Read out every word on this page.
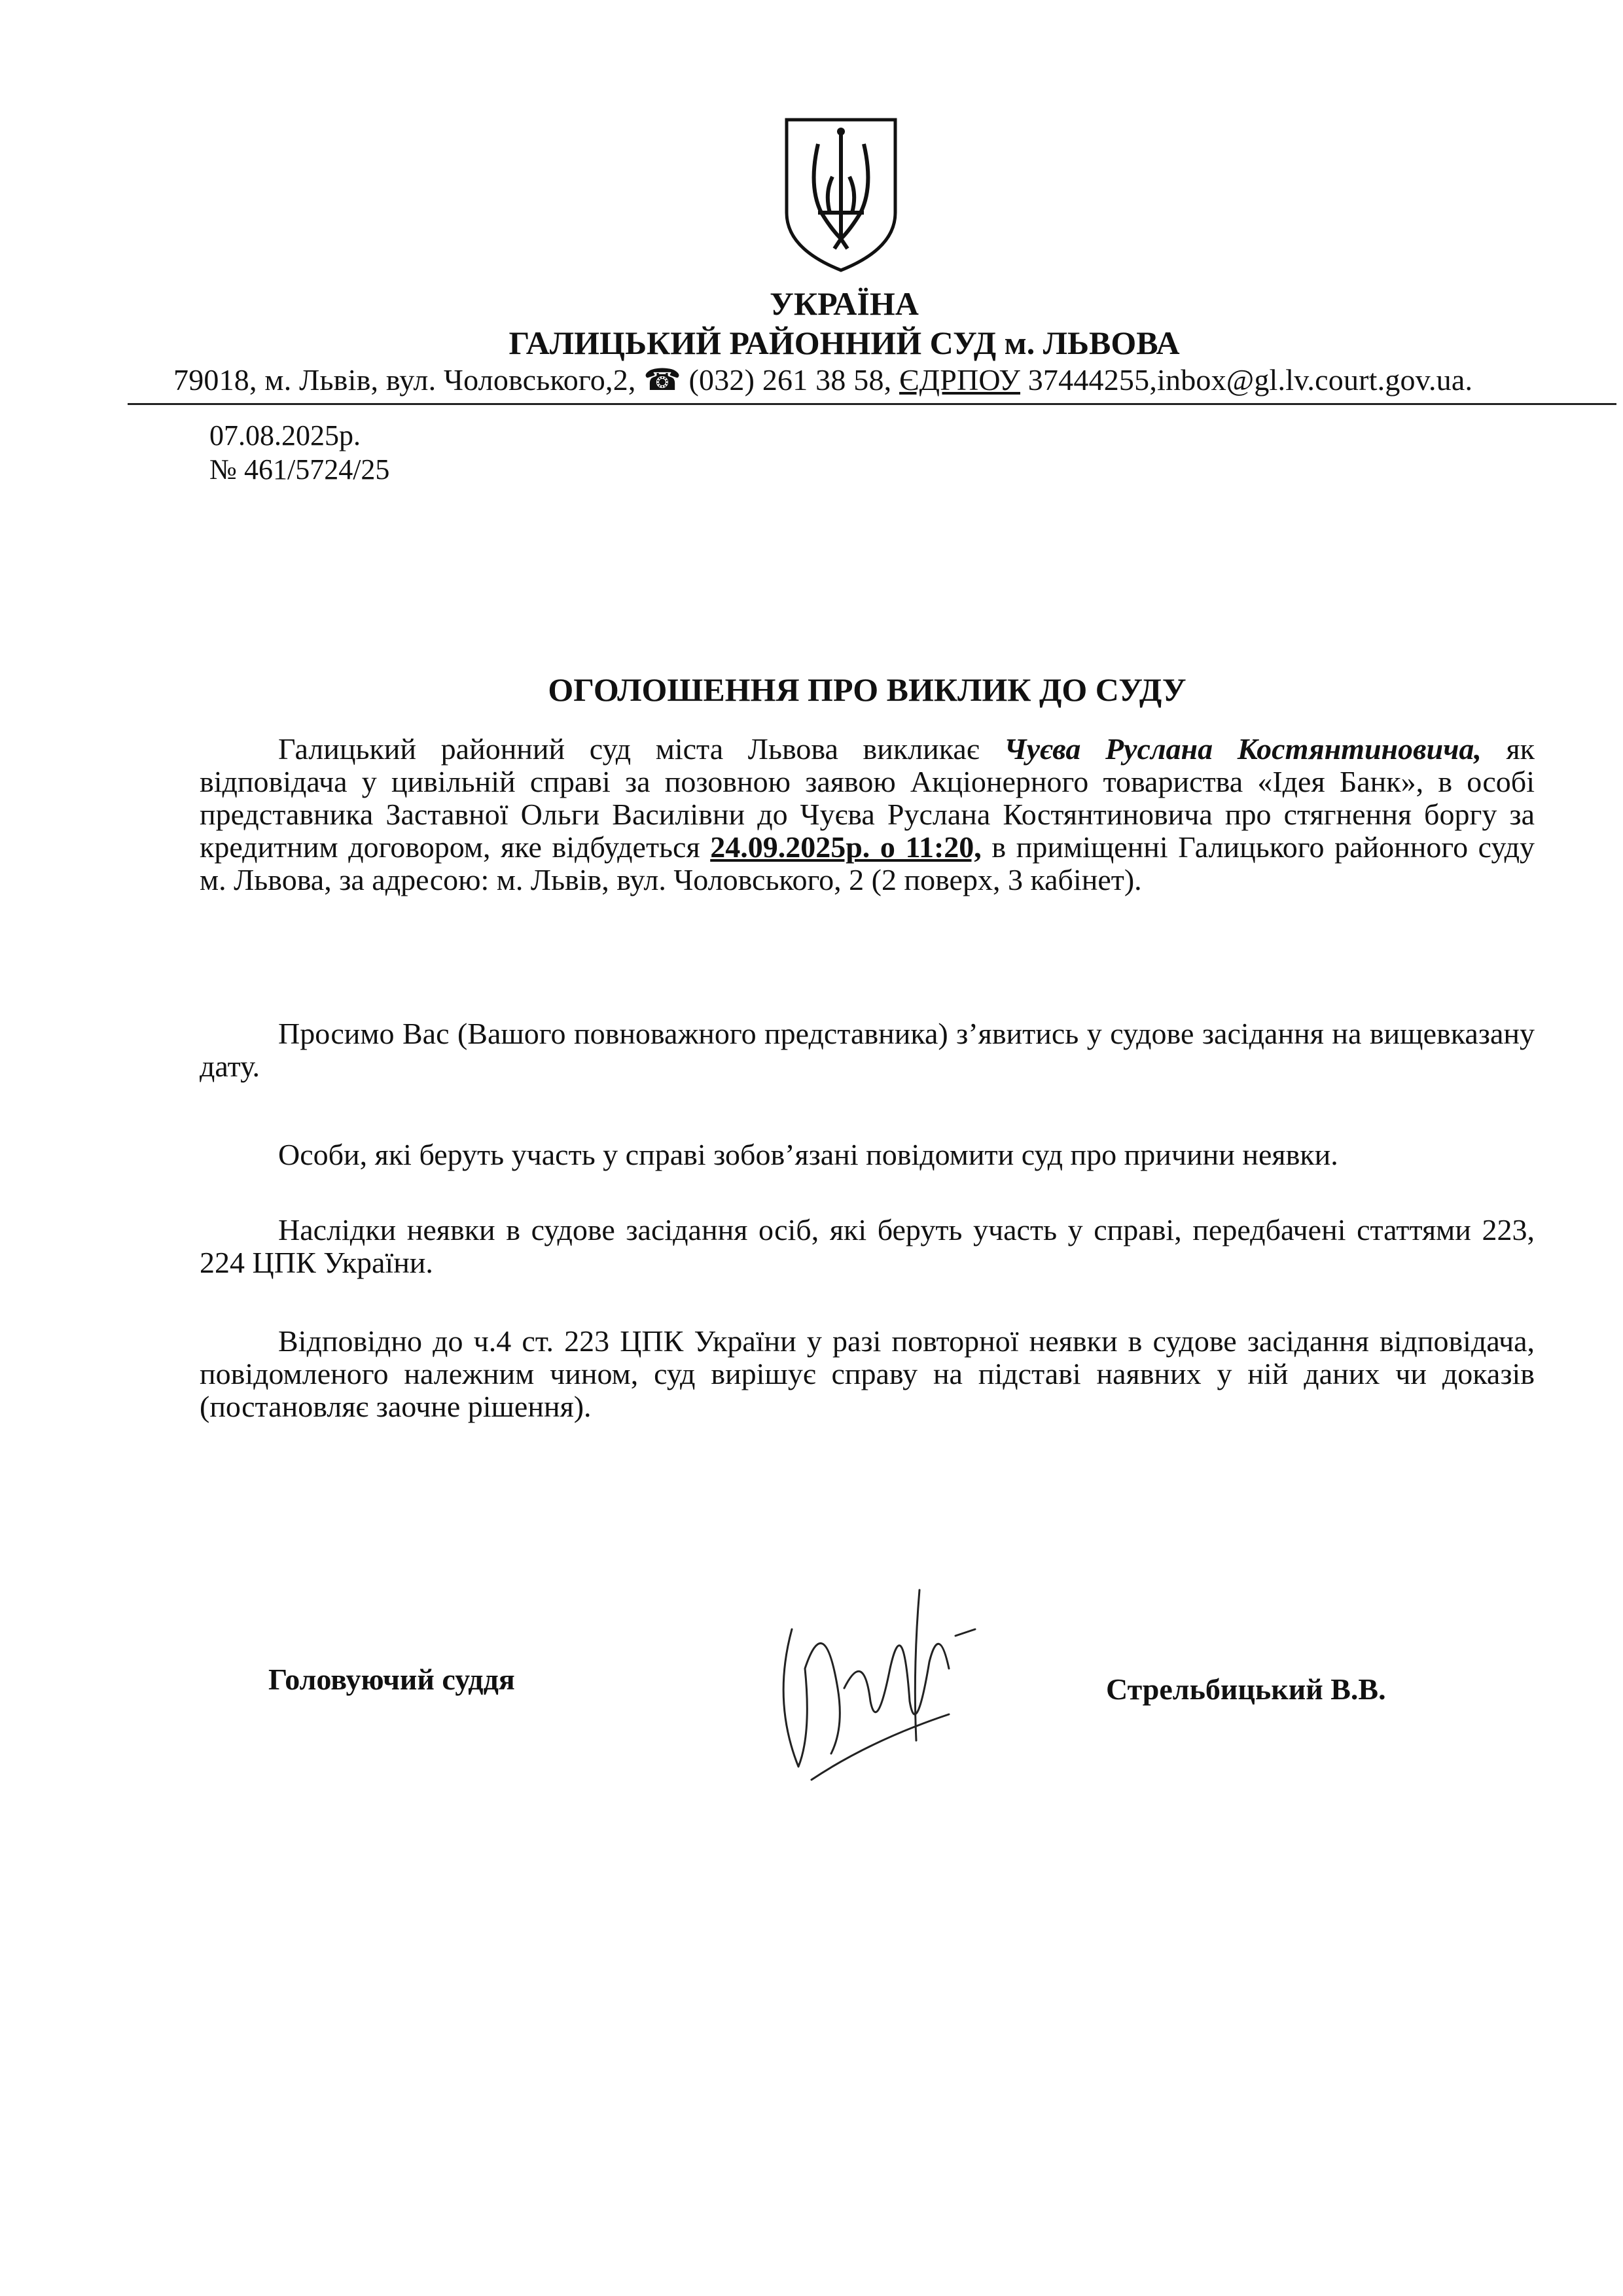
УКРАЇНА
ГАЛИЦЬКИЙ РАЙОННИЙ СУД м. ЛЬВОВА
79018, м. Львів, вул. Чоловського,2, ☎ (032) 261 38 58, ЄДРПОУ 37444255,inbox@gl.lv.court.gov.ua.
07.08.2025р.
№ 461/5724/25
ОГОЛОШЕННЯ ПРО ВИКЛИК ДО СУДУ
Галицький районний суд міста Львова викликає Чуєва Руслана Костянтиновича, як відповідача у цивільній справі за позовною заявою Акціонерного товариства «Ідея Банк», в особі представника Заставної Ольги Василівни до Чуєва Руслана Костянтиновича про стягнення боргу за кредитним договором, яке відбудеться 24.09.2025р. о 11:20, в приміщенні Галицького районного суду м. Львова, за адресою: м. Львів, вул. Чоловського, 2 (2 поверх, 3 кабінет).
Просимо Вас (Вашого повноважного представника) з’явитись у судове засідання на вищевказану дату.
Особи, які беруть участь у справі зобов’язані повідомити суд про причини неявки.
Наслідки неявки в судове засідання осіб, які беруть участь у справі, передбачені статтями 223, 224 ЦПК України.
Відповідно до ч.4 ст. 223 ЦПК України у разі повторної неявки в судове засідання відповідача, повідомленого належним чином, суд вирішує справу на підставі наявних у ній даних чи доказів (постановляє заочне рішення).
Головуючий суддя	Стрельбицький В.В.
